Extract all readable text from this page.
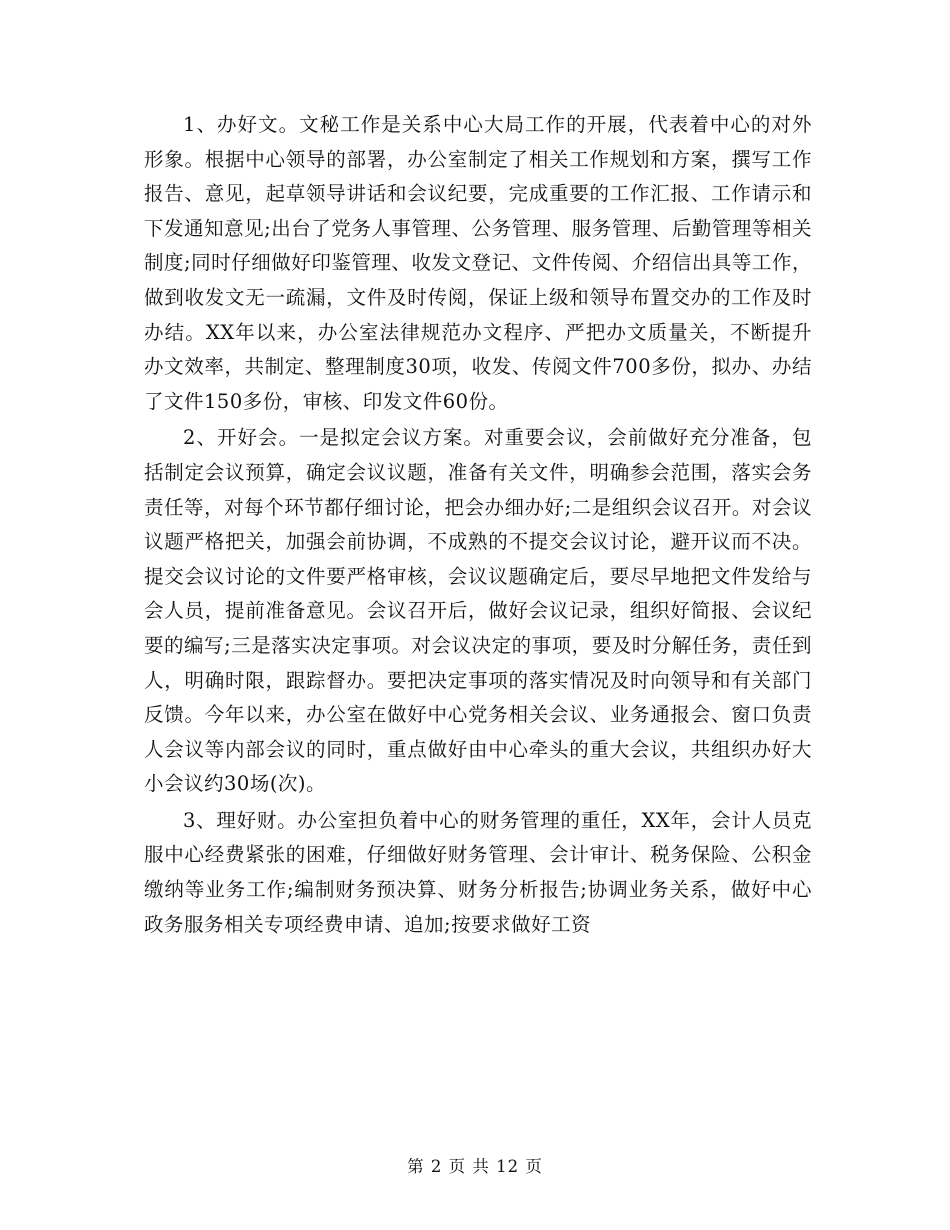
1、办好文。文秘工作是关系中心大局工作的开展，代表着中心的对外形象。根据中心领导的部署，办公室制定了相关工作规划和方案，撰写工作报告、意见，起草领导讲话和会议纪要，完成重要的工作汇报、工作请示和下发通知意见;出台了党务人事管理、公务管理、服务管理、后勤管理等相关制度;同时仔细做好印鉴管理、收发文登记、文件传阅、介绍信出具等工作，做到收发文无一疏漏，文件及时传阅，保证上级和领导布置交办的工作及时办结。XX年以来，办公室法律规范办文程序、严把办文质量关，不断提升办文效率，共制定、整理制度30项，收发、传阅文件700多份，拟办、办结了文件150多份，审核、印发文件60份。

2、开好会。一是拟定会议方案。对重要会议，会前做好充分准备，包括制定会议预算，确定会议议题，准备有关文件，明确参会范围，落实会务责任等，对每个环节都仔细讨论，把会办细办好;二是组织会议召开。对会议议题严格把关，加强会前协调，不成熟的不提交会议讨论，避开议而不决。提交会议讨论的文件要严格审核，会议议题确定后，要尽早地把文件发给与会人员，提前准备意见。会议召开后，做好会议记录，组织好简报、会议纪要的编写;三是落实决定事项。对会议决定的事项，要及时分解任务，责任到人，明确时限，跟踪督办。要把决定事项的落实情况及时向领导和有关部门反馈。今年以来，办公室在做好中心党务相关会议、业务通报会、窗口负责人会议等内部会议的同时，重点做好由中心牵头的重大会议，共组织办好大小会议约30场(次)。

3、理好财。办公室担负着中心的财务管理的重任，XX年，会计人员克服中心经费紧张的困难，仔细做好财务管理、会计审计、税务保险、公积金缴纳等业务工作;编制财务预决算、财务分析报告;协调业务关系，做好中心政务服务相关专项经费申请、追加;按要求做好工资

第 2 页 共 12 页
